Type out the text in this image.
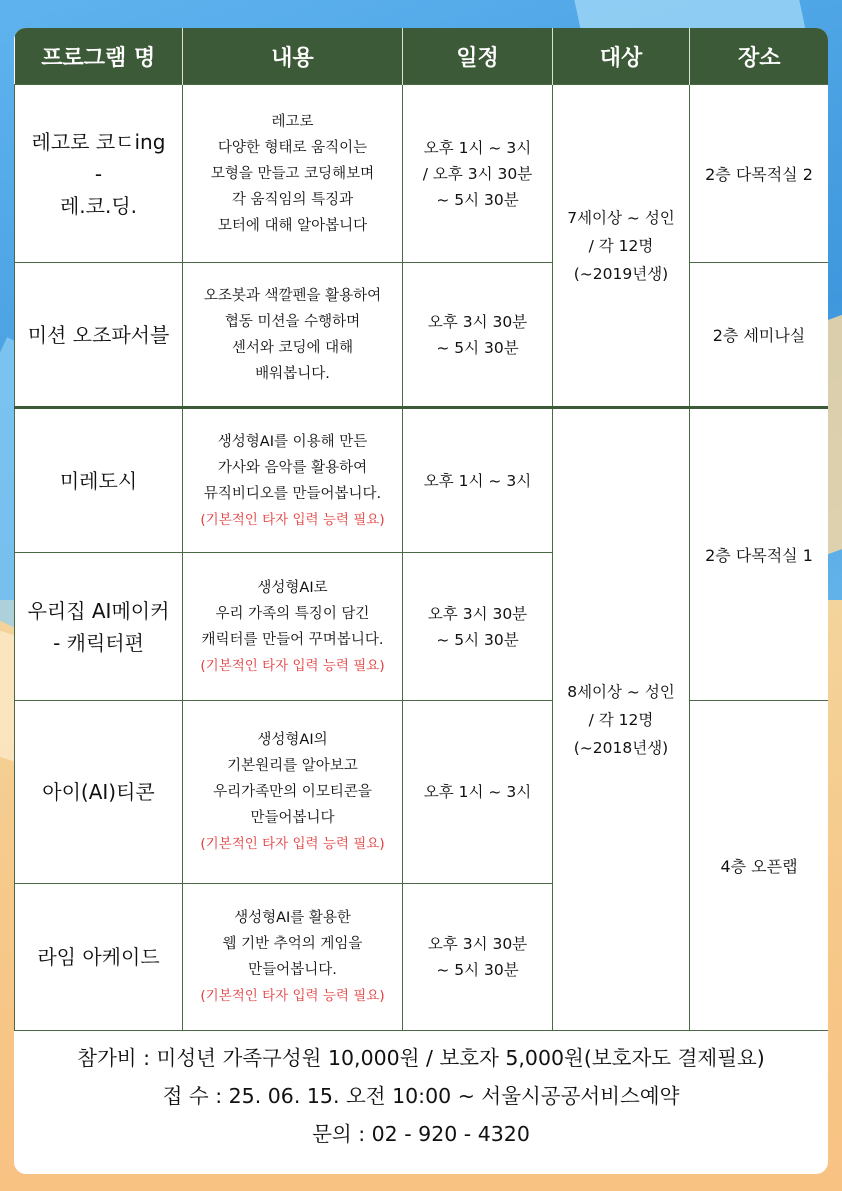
프로그램 명	내용	일정	대상	장소

레고로 코ㄷing
-
레.코.딩.	레고로
다양한 형태로 움직이는
모형을 만들고 코딩해보며
각 움직임의 특징과
모터에 대해 알아봅니다	오후 1시 ~ 3시
/ 오후 3시 30분
~ 5시 30분	7세이상 ~ 성인
/ 각 12명
(~2019년생)	2층 다목적실 2

미션 오조파서블	오조봇과 색깔펜을 활용하여
협동 미션을 수행하며
센서와 코딩에 대해
배워봅니다.	오후 3시 30분
~ 5시 30분		2층 세미나실

미레도시	생성형AI를 이용해 만든
가사와 음악를 활용하여
뮤직비디오를 만들어봅니다.
(기본적인 타자 입력 능력 필요)	오후 1시 ~ 3시	8세이상 ~ 성인
/ 각 12명
(~2018년생)	2층 다목적실 1

우리집 AI메이커
- 캐릭터편	생성형AI로
우리 가족의 특징이 담긴
캐릭터를 만들어 꾸며봅니다.
(기본적인 타자 입력 능력 필요)	오후 3시 30분
~ 5시 30분		

아이(AI)티콘	생성형AI의
기본원리를 알아보고
우리가족만의 이모티콘을
만들어봅니다
(기본적인 타자 입력 능력 필요)	오후 1시 ~ 3시		4층 오픈랩

라임 아케이드	생성형AI를 활용한
웹 기반 추억의 게임을
만들어봅니다.
(기본적인 타자 입력 능력 필요)	오후 3시 30분
~ 5시 30분		
참가비 : 미성년 가족구성원 10,000원 / 보호자 5,000원(보호자도 결제필요)
접 수 : 25. 06. 15. 오전 10:00 ~ 서울시공공서비스예약
문의 : 02 - 920 - 4320
